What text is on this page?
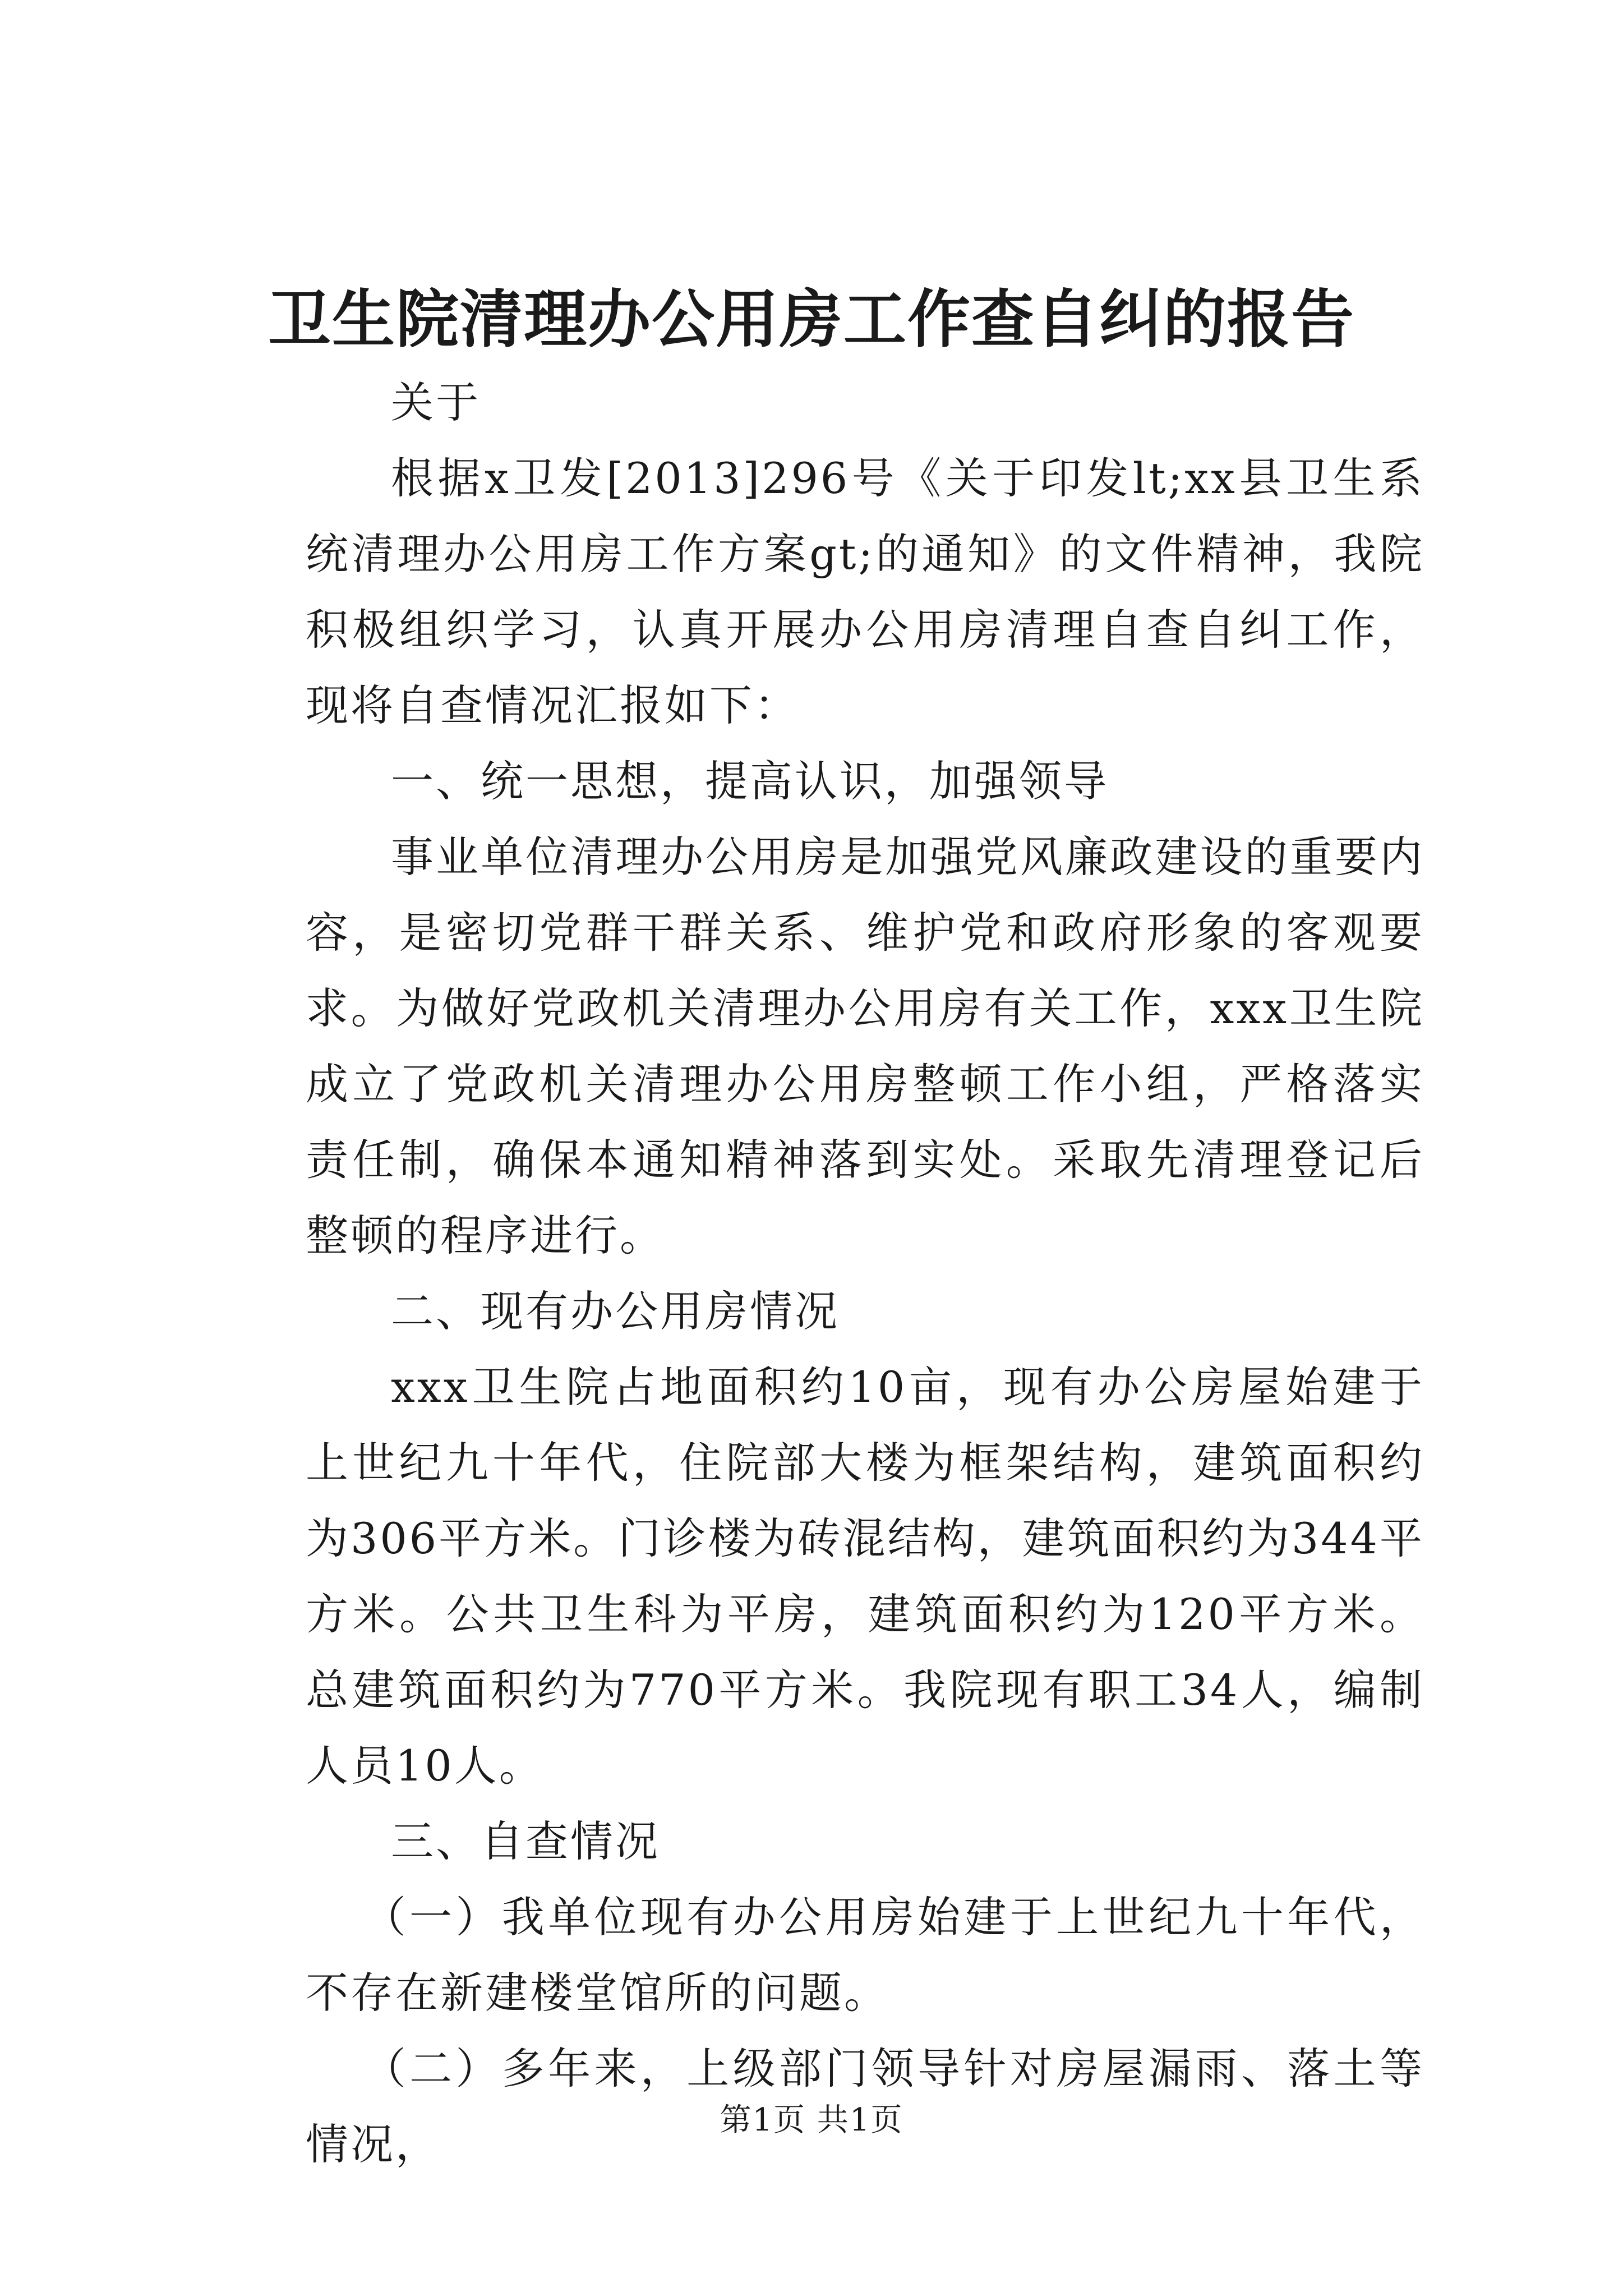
卫生院清理办公用房工作查自纠的报告

关于

根据x卫发[2013]296号《关于印发lt;xx县卫生系统清理办公用房工作方案gt;的通知》的文件精神，我院积极组织学习，认真开展办公用房清理自查自纠工作，现将自查情况汇报如下：

一、统一思想，提高认识，加强领导

事业单位清理办公用房是加强党风廉政建设的重要内容，是密切党群干群关系、维护党和政府形象的客观要求。为做好党政机关清理办公用房有关工作，xxx卫生院成立了党政机关清理办公用房整顿工作小组，严格落实责任制，确保本通知精神落到实处。采取先清理登记后整顿的程序进行。

二、现有办公用房情况

xxx卫生院占地面积约10亩，现有办公房屋始建于上世纪九十年代，住院部大楼为框架结构，建筑面积约为306平方米。门诊楼为砖混结构，建筑面积约为344平方米。公共卫生科为平房，建筑面积约为120平方米。总建筑面积约为770平方米。我院现有职工34人，编制人员10人。

三、自查情况

（一）我单位现有办公用房始建于上世纪九十年代，不存在新建楼堂馆所的问题。

（二）多年来，上级部门领导针对房屋漏雨、落土等情况，	第1页 共1页
